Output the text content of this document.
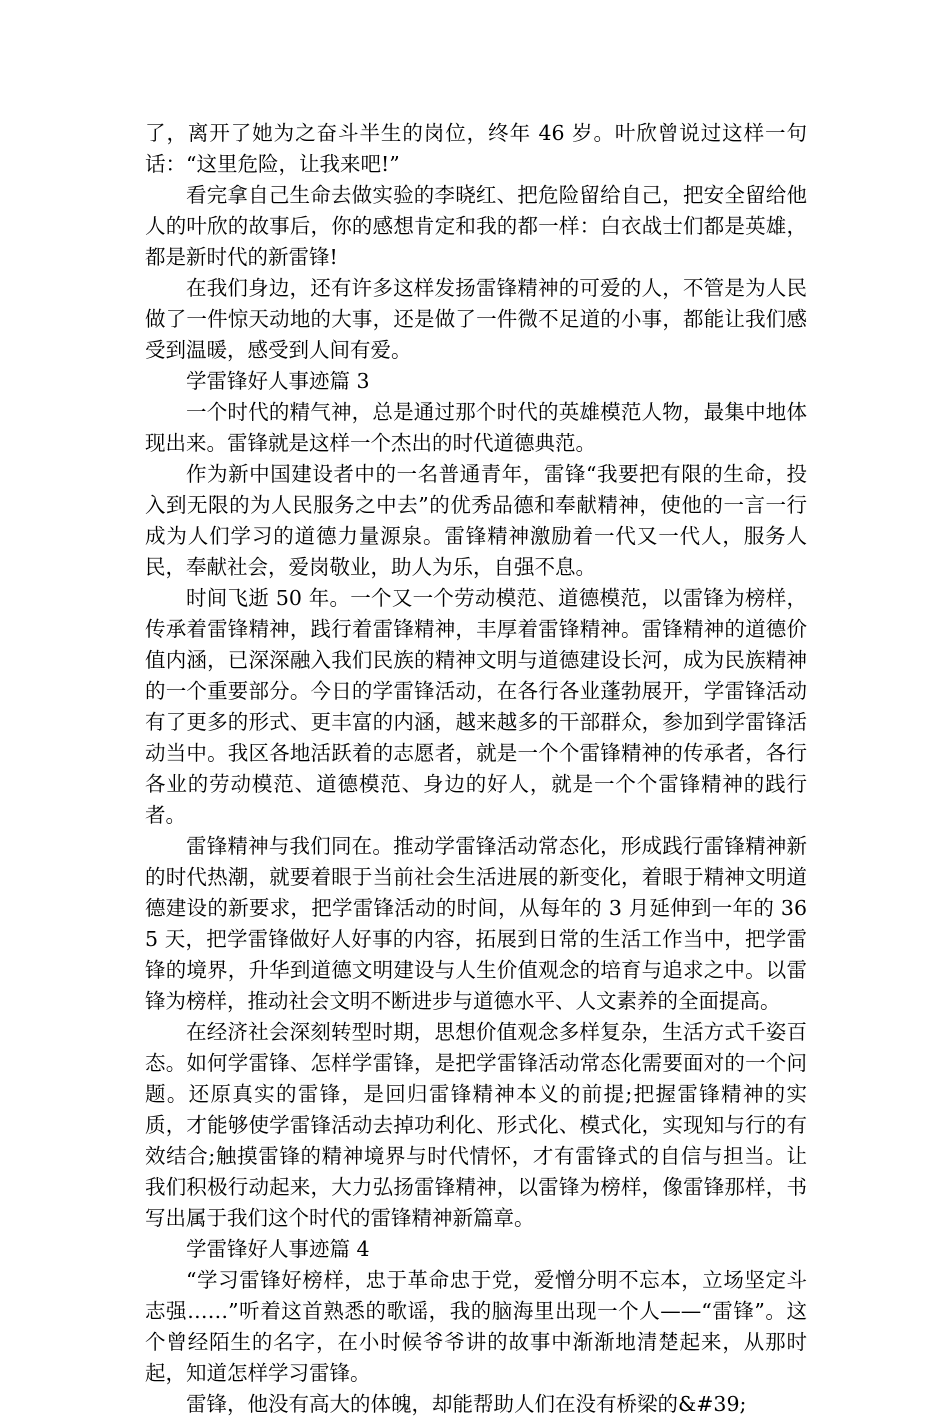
了，离开了她为之奋斗半生的岗位，终年 46 岁。叶欣曾说过这样一句话：“这里危险，让我来吧!”

看完拿自己生命去做实验的李晓红、把危险留给自己，把安全留给他人的叶欣的故事后，你的感想肯定和我的都一样：白衣战士们都是英雄，都是新时代的新雷锋!

在我们身边，还有许多这样发扬雷锋精神的可爱的人，不管是为人民做了一件惊天动地的大事，还是做了一件微不足道的小事，都能让我们感受到温暖，感受到人间有爱。

学雷锋好人事迹篇 3

一个时代的精气神，总是通过那个时代的英雄模范人物，最集中地体现出来。雷锋就是这样一个杰出的时代道德典范。

作为新中国建设者中的一名普通青年，雷锋“我要把有限的生命，投入到无限的为人民服务之中去”的优秀品德和奉献精神，使他的一言一行成为人们学习的道德力量源泉。雷锋精神激励着一代又一代人，服务人民，奉献社会，爱岗敬业，助人为乐，自强不息。

时间飞逝 50 年。一个又一个劳动模范、道德模范，以雷锋为榜样，传承着雷锋精神，践行着雷锋精神，丰厚着雷锋精神。雷锋精神的道德价值内涵，已深深融入我们民族的精神文明与道德建设长河，成为民族精神的一个重要部分。今日的学雷锋活动，在各行各业蓬勃展开，学雷锋活动有了更多的形式、更丰富的内涵，越来越多的干部群众，参加到学雷锋活动当中。我区各地活跃着的志愿者，就是一个个雷锋精神的传承者，各行各业的劳动模范、道德模范、身边的好人，就是一个个雷锋精神的践行者。

雷锋精神与我们同在。推动学雷锋活动常态化，形成践行雷锋精神新的时代热潮，就要着眼于当前社会生活进展的新变化，着眼于精神文明道德建设的新要求，把学雷锋活动的时间，从每年的 3 月延伸到一年的 365 天，把学雷锋做好人好事的内容，拓展到日常的生活工作当中，把学雷锋的境界，升华到道德文明建设与人生价值观念的培育与追求之中。以雷锋为榜样，推动社会文明不断进步与道德水平、人文素养的全面提高。

在经济社会深刻转型时期，思想价值观念多样复杂，生活方式千姿百态。如何学雷锋、怎样学雷锋，是把学雷锋活动常态化需要面对的一个问题。还原真实的雷锋，是回归雷锋精神本义的前提;把握雷锋精神的实质，才能够使学雷锋活动去掉功利化、形式化、模式化，实现知与行的有效结合;触摸雷锋的精神境界与时代情怀，才有雷锋式的自信与担当。让我们积极行动起来，大力弘扬雷锋精神，以雷锋为榜样，像雷锋那样，书写出属于我们这个时代的雷锋精神新篇章。

学雷锋好人事迹篇 4

“学习雷锋好榜样，忠于革命忠于党，爱憎分明不忘本，立场坚定斗志强……”听着这首熟悉的歌谣，我的脑海里出现一个人——“雷锋”。这个曾经陌生的名字，在小时候爷爷讲的故事中渐渐地清楚起来，从那时起，知道怎样学习雷锋。

雷锋，他没有高大的体魄，却能帮助人们在没有桥梁的&#39;
